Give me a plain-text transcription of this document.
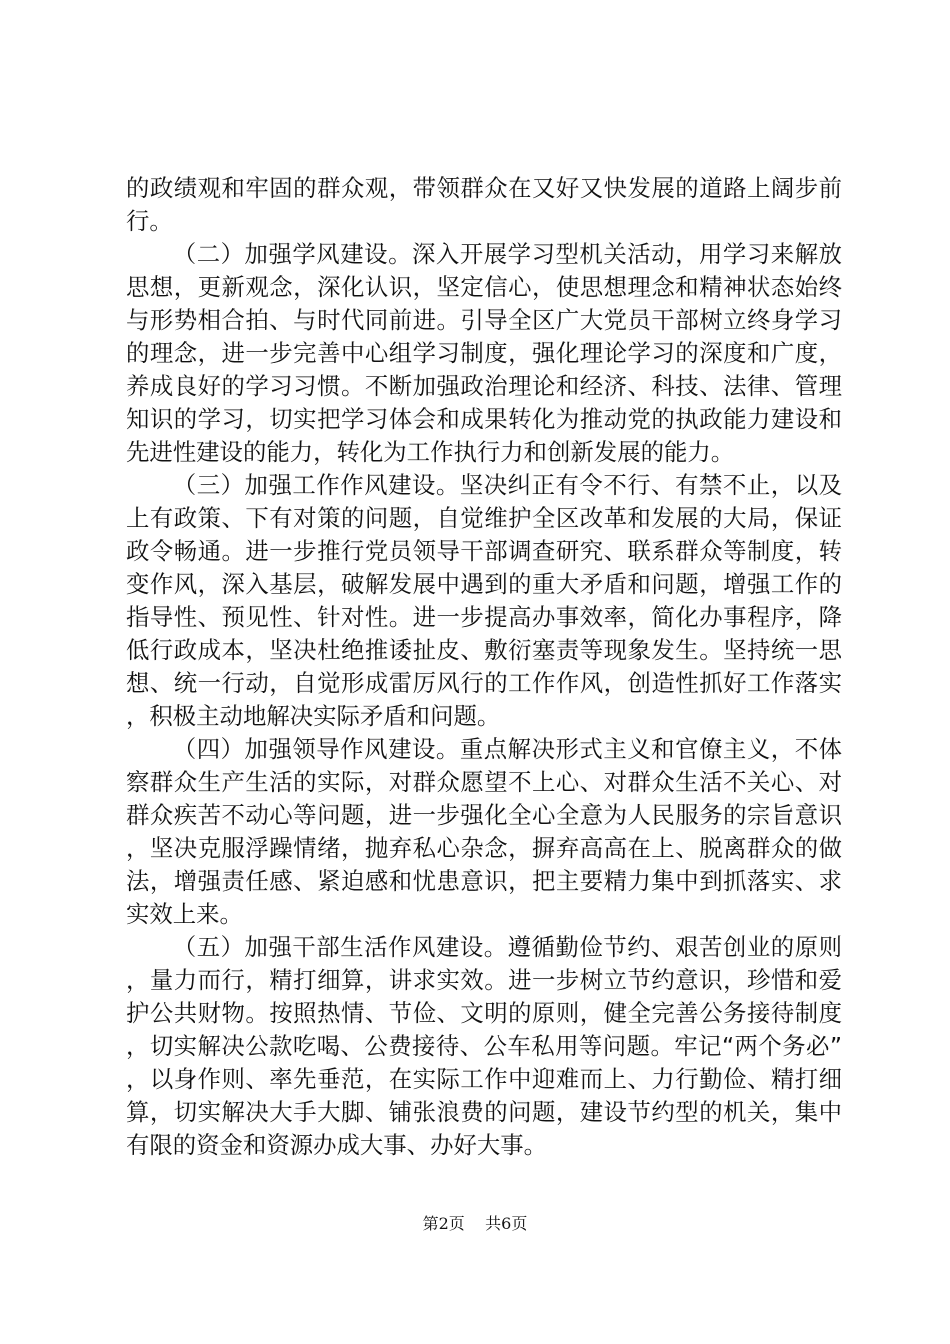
的政绩观和牢固的群众观，带领群众在又好又快发展的道路上阔步前行。

（二）加强学风建设。深入开展学习型机关活动，用学习来解放思想，更新观念，深化认识，坚定信心，使思想理念和精神状态始终与形势相合拍、与时代同前进。引导全区广大党员干部树立终身学习的理念，进一步完善中心组学习制度，强化理论学习的深度和广度，养成良好的学习习惯。不断加强政治理论和经济、科技、法律、管理知识的学习，切实把学习体会和成果转化为推动党的执政能力建设和先进性建设的能力，转化为工作执行力和创新发展的能力。

（三）加强工作作风建设。坚决纠正有令不行、有禁不止，以及上有政策、下有对策的问题，自觉维护全区改革和发展的大局，保证政令畅通。进一步推行党员领导干部调查研究、联系群众等制度，转变作风，深入基层，破解发展中遇到的重大矛盾和问题，增强工作的指导性、预见性、针对性。进一步提高办事效率，简化办事程序，降低行政成本，坚决杜绝推诿扯皮、敷衍塞责等现象发生。坚持统一思想、统一行动，自觉形成雷厉风行的工作作风，创造性抓好工作落实，积极主动地解决实际矛盾和问题。

（四）加强领导作风建设。重点解决形式主义和官僚主义，不体察群众生产生活的实际，对群众愿望不上心、对群众生活不关心、对群众疾苦不动心等问题，进一步强化全心全意为人民服务的宗旨意识，坚决克服浮躁情绪，抛弃私心杂念，摒弃高高在上、脱离群众的做法，增强责任感、紧迫感和忧患意识，把主要精力集中到抓落实、求实效上来。

（五）加强干部生活作风建设。遵循勤俭节约、艰苦创业的原则，量力而行，精打细算，讲求实效。进一步树立节约意识，珍惜和爱护公共财物。按照热情、节俭、文明的原则，健全完善公务接待制度，切实解决公款吃喝、公费接待、公车私用等问题。牢记“两个务必”，以身作则、率先垂范，在实际工作中迎难而上、力行勤俭、精打细算，切实解决大手大脚、铺张浪费的问题，建设节约型的机关，集中有限的资金和资源办成大事、办好大事。

第2页 共6页
